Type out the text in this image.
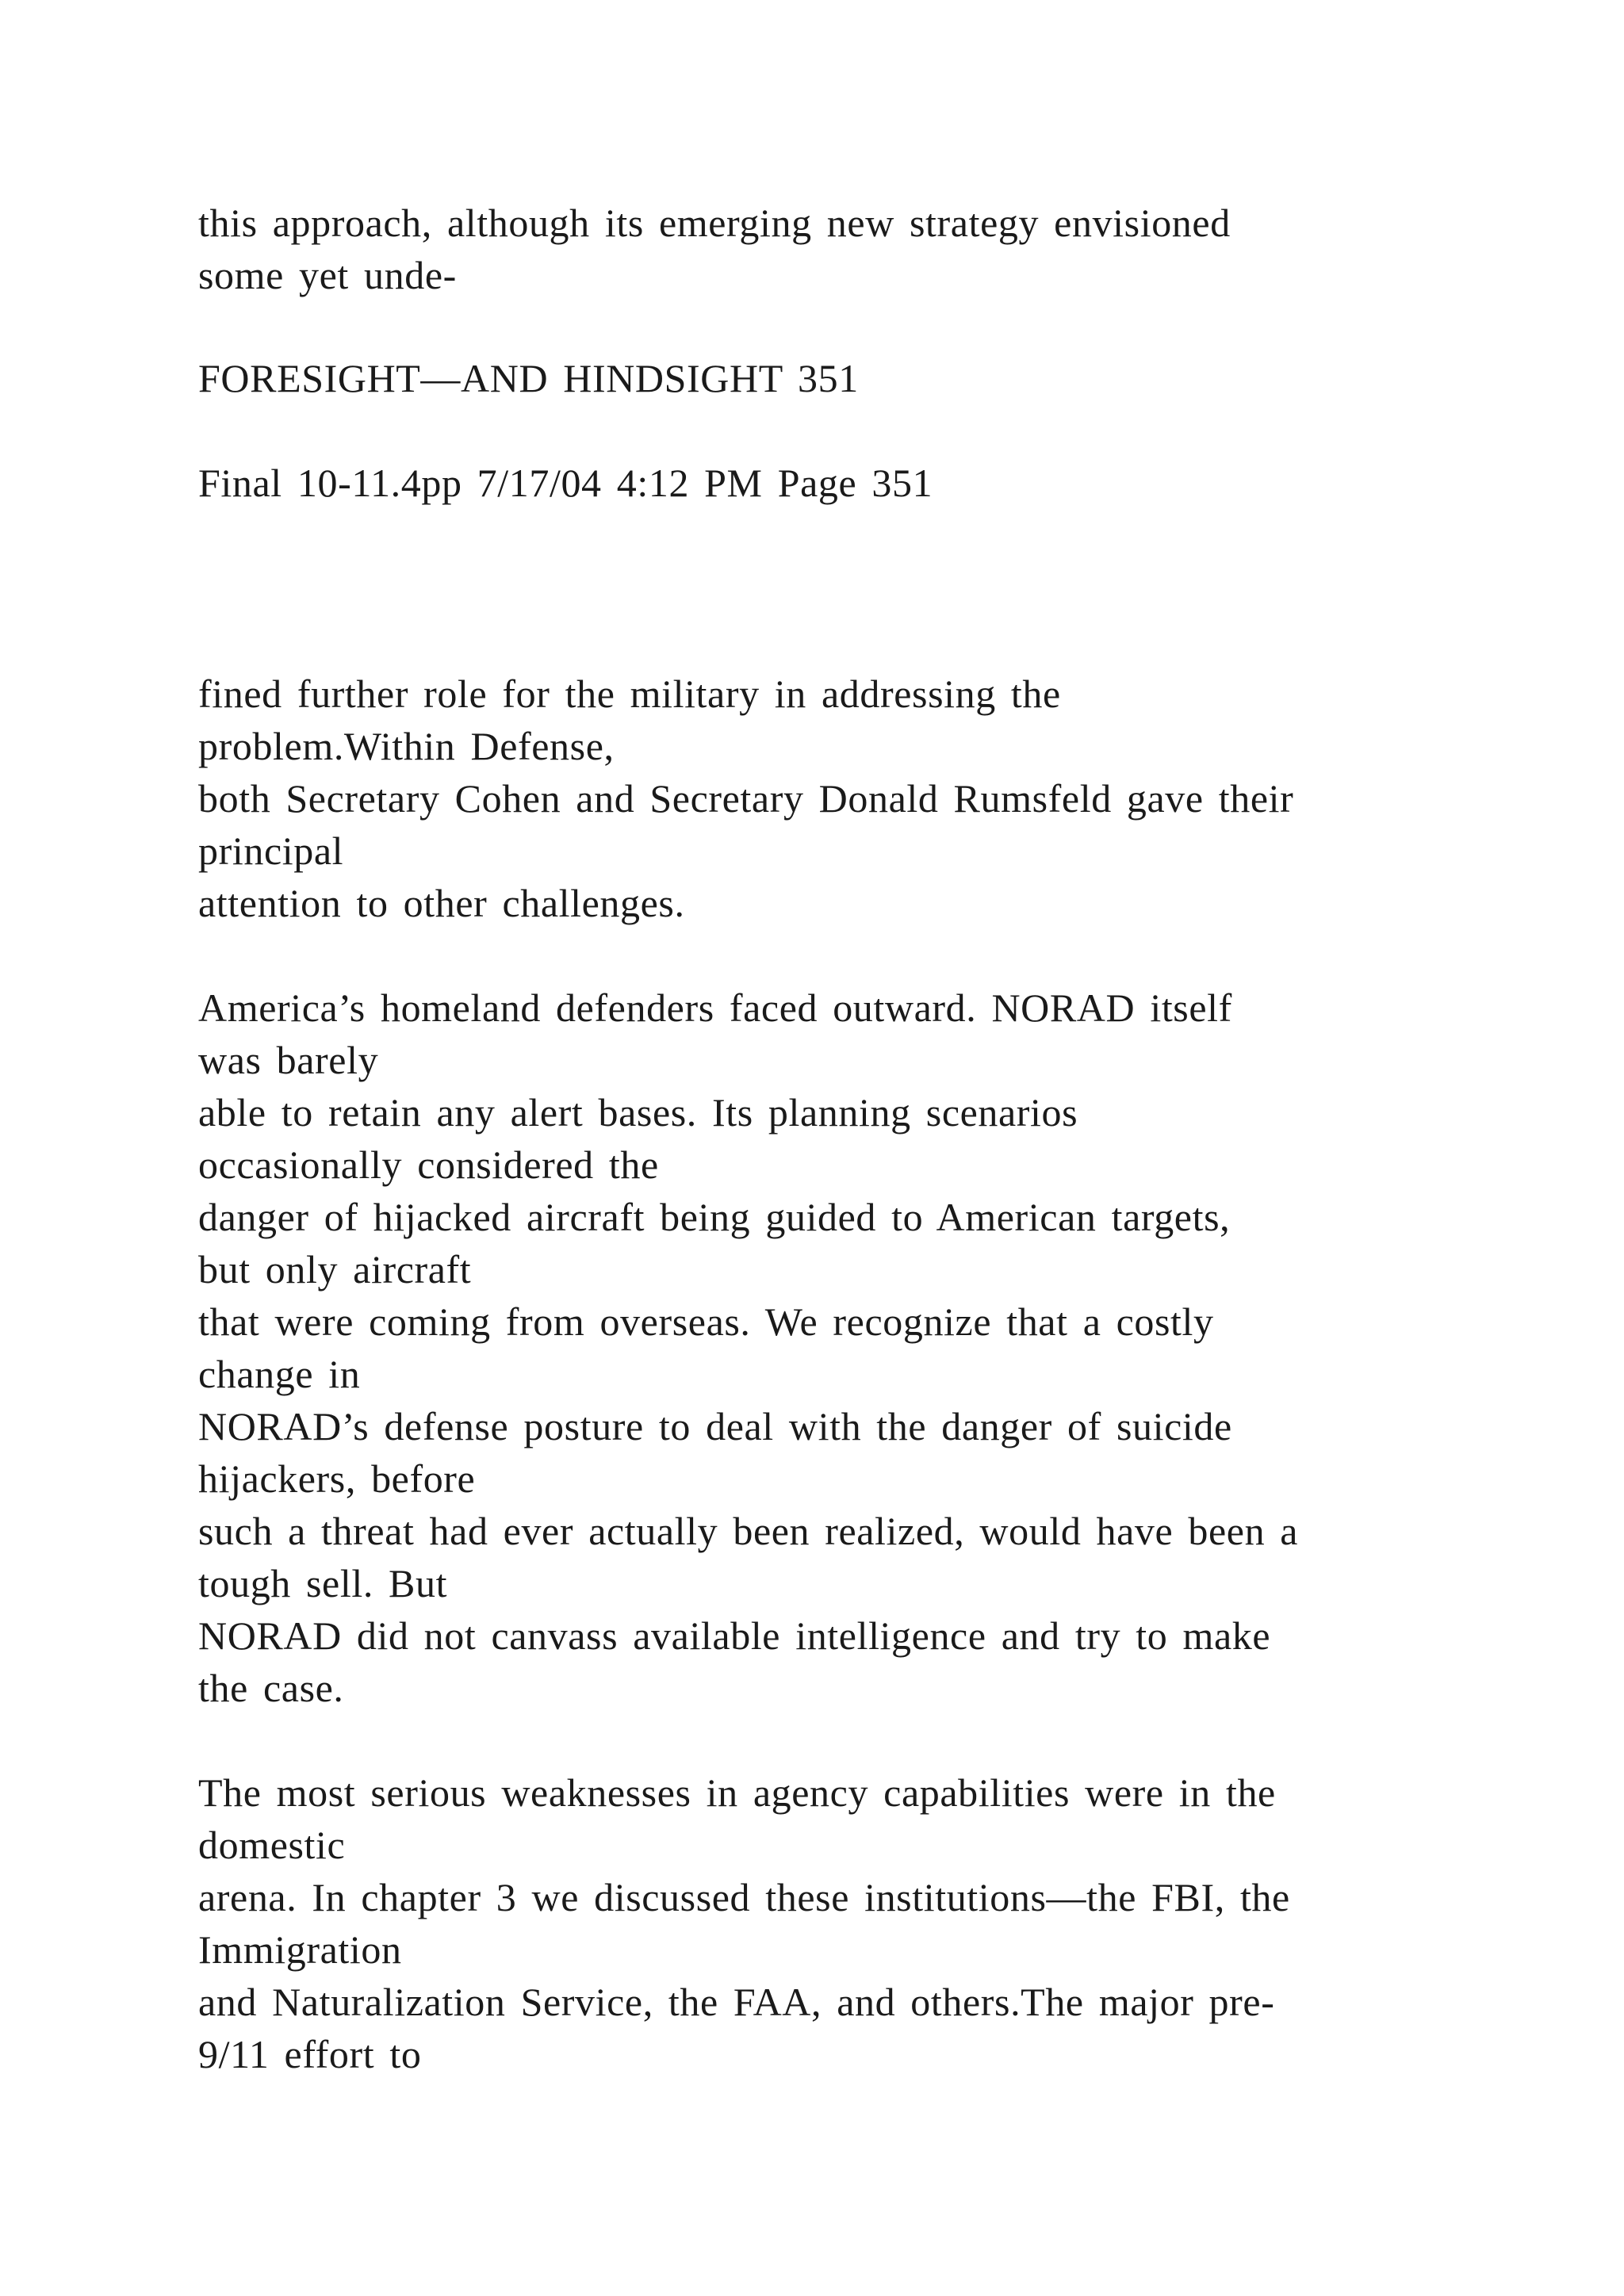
this approach, although its emerging new strategy envisioned

some yet unde-

FORESIGHT—AND HINDSIGHT 351

Final 10-11.4pp 7/17/04 4:12 PM Page 351

fined further role for the military in addressing the

problem.Within Defense,

both Secretary Cohen and Secretary Donald Rumsfeld gave their

principal

attention to other challenges.

America’s homeland defenders faced outward. NORAD itself

was barely

able to retain any alert bases. Its planning scenarios

occasionally considered the

danger of hijacked aircraft being guided to American targets,

but only aircraft

that were coming from overseas. We recognize that a costly

change in

NORAD’s defense posture to deal with the danger of suicide

hijackers, before

such a threat had ever actually been realized, would have been a

tough sell. But

NORAD did not canvass available intelligence and try to make

the case.

The most serious weaknesses in agency capabilities were in the

domestic

arena. In chapter 3 we discussed these institutions—the FBI, the

Immigration

and Naturalization Service, the FAA, and others.The major pre-

9/11 effort to
